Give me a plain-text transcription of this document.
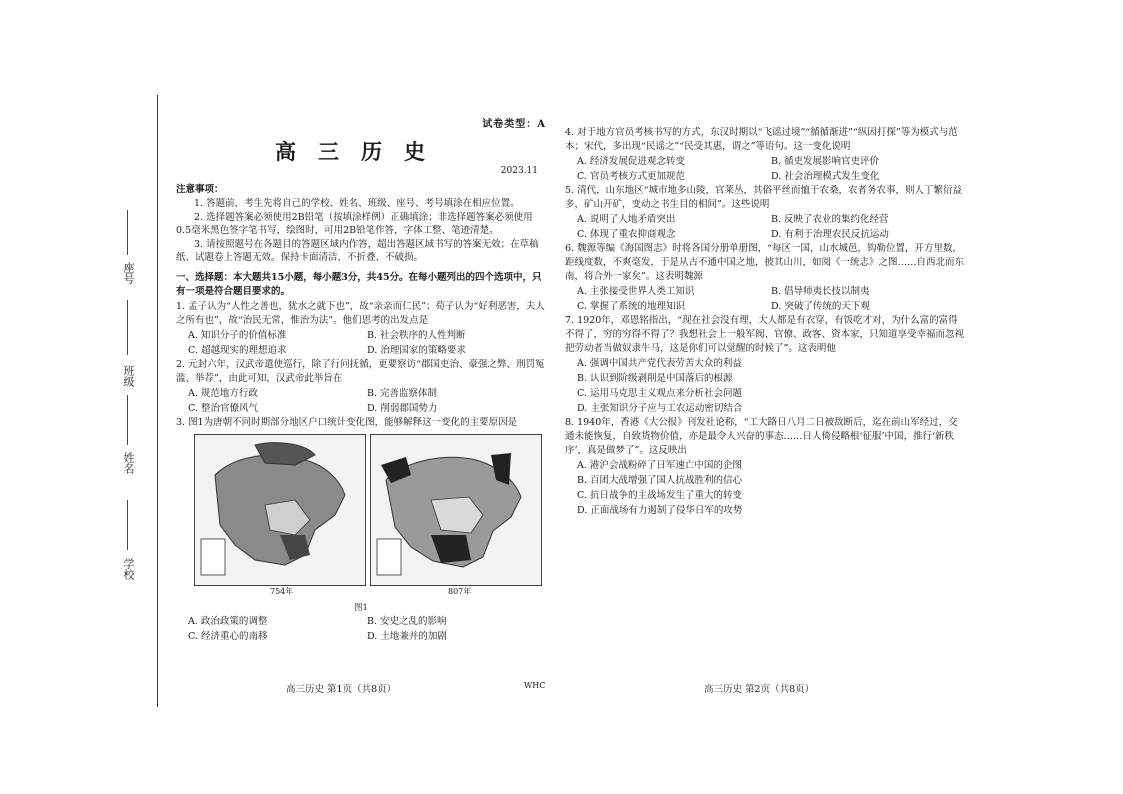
学校
姓名
班级
座号
试卷类型：A
高三历史
2023.11
注意事项：
1. 答题前，考生先将自己的学校、姓名、班级、座号、考号填涂在相应位置。
2. 选择题答案必须使用2B铅笔（按填涂样例）正确填涂；非选择题答案必须使用0.5毫米黑色签字笔书写，绘图时，可用2B铅笔作答，字体工整、笔迹清楚。
3. 请按照题号在各题目的答题区域内作答，超出答题区域书写的答案无效；在草稿纸、试题卷上答题无效。保持卡面清洁，不折叠、不破损。
一、选择题：本大题共15小题，每小题3分，共45分。在每小题列出的四个选项中，只有一项是符合题目要求的。
1. 孟子认为“人性之善也，犹水之就下也”，故“亲亲而仁民”；荀子认为“好利恶害，夫人之所有也”，故“治民无常，惟治为法”。他们思考的出发点是
A. 知识分子的价值标准	B. 社会秩序的人性判断
C. 超越现实的理想追求	D. 治理国家的策略要求
2. 元封六年，汉武帝遣使巡行，除了行问抚循，更要察访“郡国吏治、豪强之弊、刑罚冤滥、举荐”，由此可知，汉武帝此举旨在
A. 规范地方行政	B. 完善监察体制
C. 整治官僚风气	D. 削弱郡国势力
3. 图1为唐朝不同时期部分地区户口统计变化图，能够解释这一变化的主要原因是
754年	807年
图1
A. 政治政策的调整	B. 安史之乱的影响
C. 经济重心的南移	D. 土地兼并的加剧
4. 对于地方官员考核书写的方式，东汉时期以“飞谣过境”“循循渐进”“纵因打探”等为模式与范本；宋代，多出现“民谣之”“民受其惠，谓之”等语句。这一变化说明
A. 经济发展促进观念转变	B. 循吏发展影响官吏评价
C. 官员考核方式更加规范	D. 社会治理模式发生变化
5. 清代，山东地区“城市地多山陵，官莱丛，其俗平丝而恤于农桑，农者务农事，则人丁繁衍益多，矿山开矿，变动之书生目的相间”。这些说明
A. 说明了人地矛盾突出	B. 反映了农业的集约化经营
C. 体现了重农抑商观念	D. 有利于治理农民反抗运动
6. 魏源等编《海国图志》时将各国分册单册图，“每区一国，山水城邑，钩勒位置，开方里数，距线度数，不爽毫发，于是从古不通中国之地，披其山川，如阅《一统志》之图……自西北而东南，将合外一家矣”。这表明魏源
A. 主张接受世界人类工知识	B. 倡导师夷长技以制夷
C. 掌握了系统的地理知识	D. 突破了传统的天下观
7. 1920年，邓恩铭指出，“现在社会没有理，大人都是有衣穿，有饭吃才对，为什么富的富得不得了，穷的穷得不得了？我想社会上一般军阀、官僚、政客、资本家，只知道享受幸福而忽视把劳动者当做奴隶牛马，这是你们可以觉醒的时候了”。这表明他
A. 强调中国共产党代表劳苦大众的利益
B. 认识到阶级剥削是中国落后的根源
C. 运用马克思主义观点来分析社会问题
D. 主张知识分子应与工农运动密切结合
8. 1940年，香港《大公报》刊发社论称，“工大路日八月二日被敌断后，迄在前山军经过，交通未能恢复，自致货物价值，亦是最令人兴奋的事态……日人倚侵略根‘征服’中国，推行‘新秩序’，真是做梦了”。这反映出
A. 港沪会战粉碎了日军速亡中国的企图
B. 百团大战增强了国人抗战胜利的信心
C. 抗日战争的主战场发生了重大的转变
D. 正面战场有力遏制了侵华日军的攻势
高三历史 第1页（共8页）	WHC	高三历史 第2页（共8页）
